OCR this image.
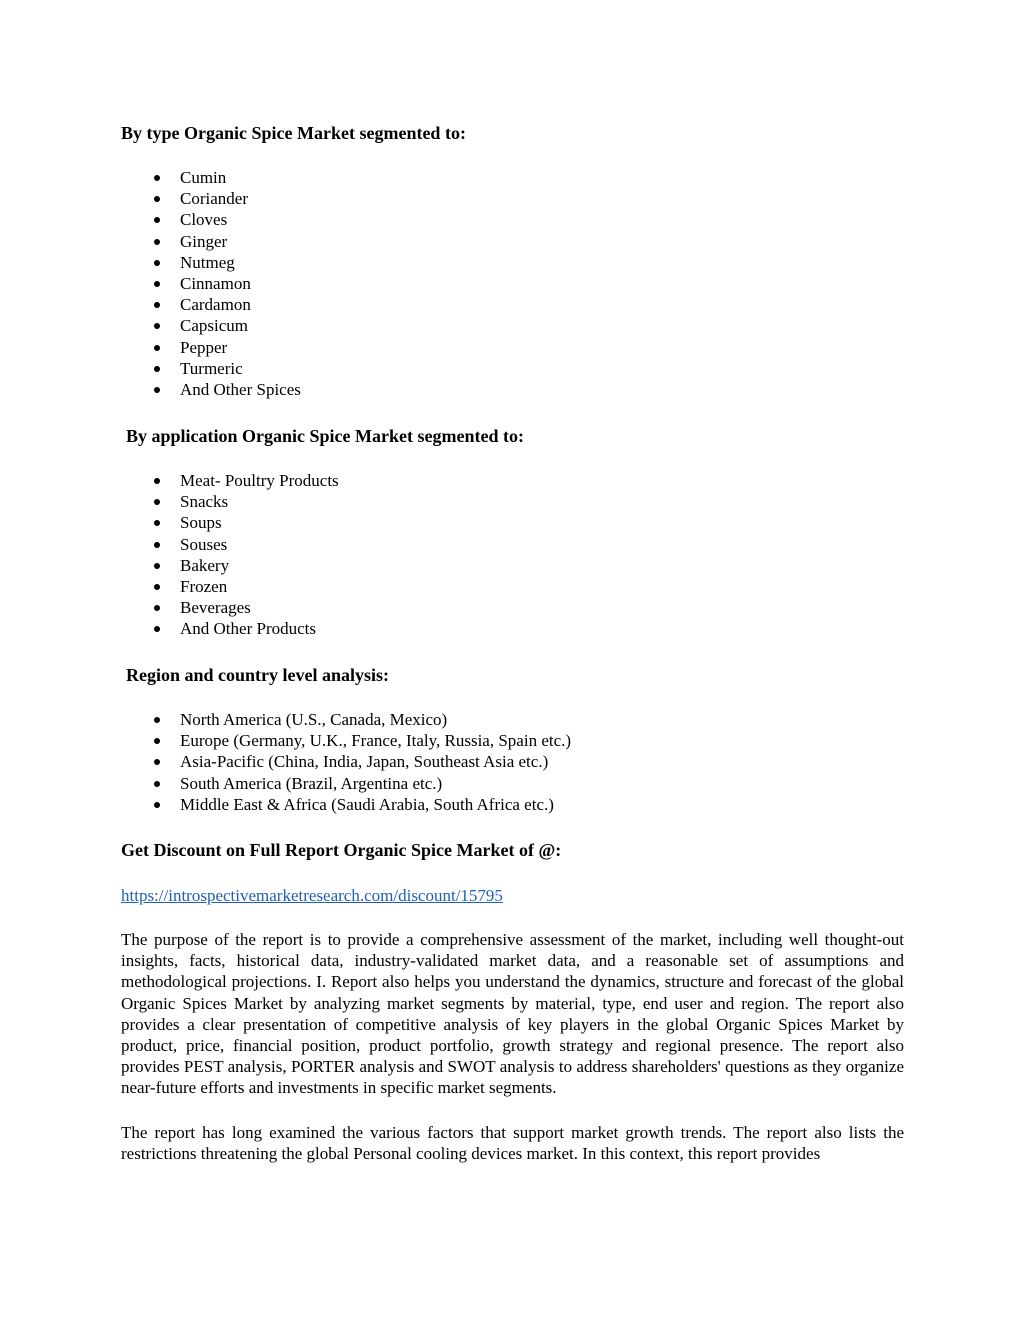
By type Organic Spice Market segmented to:
Cumin
Coriander
Cloves
Ginger
Nutmeg
Cinnamon
Cardamon
Capsicum
Pepper
Turmeric
And Other Spices
By application Organic Spice Market segmented to:
Meat- Poultry Products
Snacks
Soups
Souses
Bakery
Frozen
Beverages
And Other Products
Region and country level analysis:
North America (U.S., Canada, Mexico)
Europe (Germany, U.K., France, Italy, Russia, Spain etc.)
Asia-Pacific (China, India, Japan, Southeast Asia etc.)
South America (Brazil, Argentina etc.)
Middle East & Africa (Saudi Arabia, South Africa etc.)
Get Discount on Full Report Organic Spice Market of @:
https://introspectivemarketresearch.com/discount/15795

The purpose of the report is to provide a comprehensive assessment of the market, including well thought-out insights, facts, historical data, industry-validated market data, and a reasonable set of assumptions and methodological projections. I. Report also helps you understand the dynamics, structure and forecast of the global Organic Spices Market by analyzing market segments by material, type, end user and region. The report also provides a clear presentation of competitive analysis of key players in the global Organic Spices Market by product, price, financial position, product portfolio, growth strategy and regional presence. The report also provides PEST analysis, PORTER analysis and SWOT analysis to address shareholders' questions as they organize near-future efforts and investments in specific market segments.

The report has long examined the various factors that support market growth trends. The report also lists the restrictions threatening the global Personal cooling devices market. In this context, this report provides
